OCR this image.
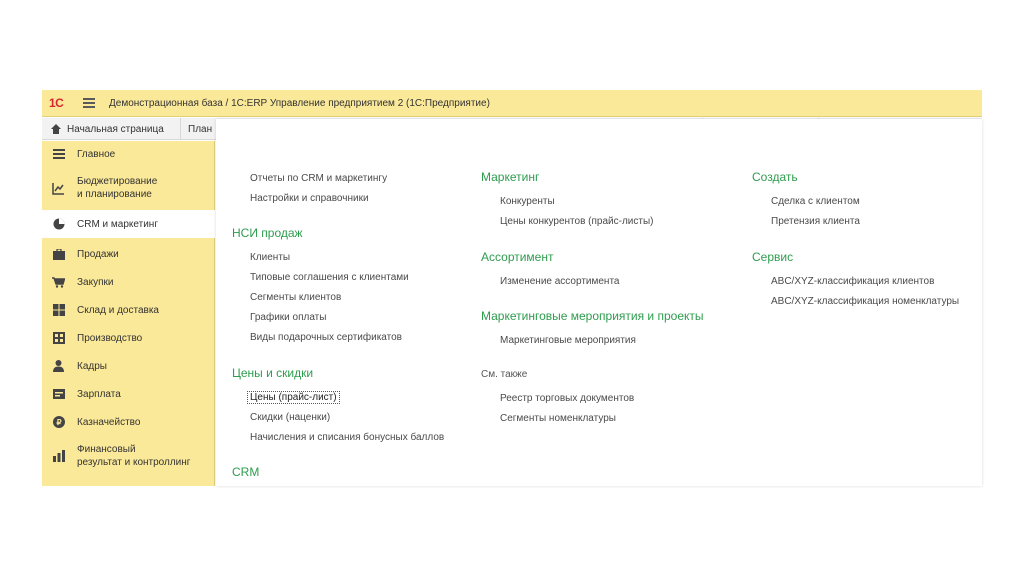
1С	Демонстрационная база / 1С:ERP Управление предприятием 2 (1С:Предприятие)
Начальная страница План
Главное
Бюджетирование
и планирование
CRM и маркетинг
Продажи
Закупки
Склад и доставка
Производство
Кадры
Зарплата
₽ Казначейство
Финансовый
результат и контроллинг
Отчеты по CRM и маркетингу
Настройки и справочники
НСИ продаж
Клиенты
Типовые соглашения с клиентами
Сегменты клиентов
Графики оплаты
Виды подарочных сертификатов
Цены и скидки
Цены (прайс-лист)
Скидки (наценки)
Начисления и списания бонусных баллов
CRM
Маркетинг
Конкуренты
Цены конкурентов (прайс-листы)
Ассортимент
Изменение ассортимента
Маркетинговые мероприятия и проекты
Маркетинговые мероприятия
См. также
Реестр торговых документов
Сегменты номенклатуры
Создать
Сделка с клиентом
Претензия клиента
Сервис
ABC/XYZ-классификация клиентов
ABC/XYZ-классификация номенклатуры
